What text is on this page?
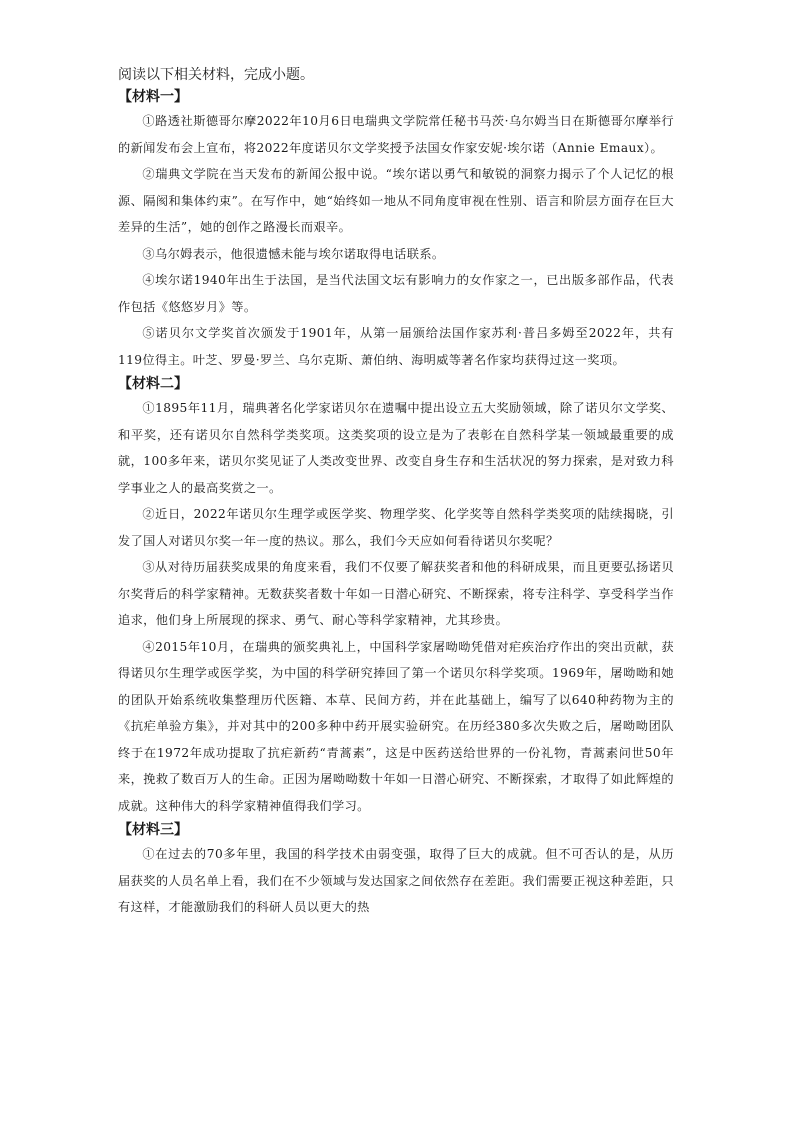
阅读以下相关材料，完成小题。

【材料一】

①路透社斯德哥尔摩2022年10月6日电瑞典文学院常任秘书马茨·乌尔姆当日在斯德哥尔摩举行的新闻发布会上宣布，将2022年度诺贝尔文学奖授予法国女作家安妮·埃尔诺（Annie Emaux）。

②瑞典文学院在当天发布的新闻公报中说。“埃尔诺以勇气和敏锐的洞察力揭示了个人记忆的根源、隔阂和集体约束”。在写作中，她“始终如一地从不同角度审视在性别、语言和阶层方面存在巨大差异的生活”，她的创作之路漫长而艰辛。

③乌尔姆表示，他很遗憾未能与埃尔诺取得电话联系。

④埃尔诺1940年出生于法国，是当代法国文坛有影响力的女作家之一，已出版多部作品，代表作包括《悠悠岁月》等。

⑤诺贝尔文学奖首次颁发于1901年，从第一届颁给法国作家苏利·普吕多姆至2022年，共有119位得主。叶芝、罗曼·罗兰、乌尔克斯、萧伯纳、海明威等著名作家均获得过这一奖项。

【材料二】

①1895年11月，瑞典著名化学家诺贝尔在遗嘱中提出设立五大奖励领域，除了诺贝尔文学奖、和平奖，还有诺贝尔自然科学类奖项。这类奖项的设立是为了表彰在自然科学某一领域最重要的成就，100多年来，诺贝尔奖见证了人类改变世界、改变自身生存和生活状况的努力探索，是对致力科学事业之人的最高奖赏之一。

②近日，2022年诺贝尔生理学或医学奖、物理学奖、化学奖等自然科学类奖项的陆续揭晓，引发了国人对诺贝尔奖一年一度的热议。那么，我们今天应如何看待诺贝尔奖呢？

③从对待历届获奖成果的角度来看，我们不仅要了解获奖者和他的科研成果，而且更要弘扬诺贝尔奖背后的科学家精神。无数获奖者数十年如一日潜心研究、不断探索，将专注科学、享受科学当作追求，他们身上所展现的探求、勇气、耐心等科学家精神，尤其珍贵。

④2015年10月，在瑞典的颁奖典礼上，中国科学家屠呦呦凭借对疟疾治疗作出的突出贡献，获得诺贝尔生理学或医学奖，为中国的科学研究捧回了第一个诺贝尔科学奖项。1969年，屠呦呦和她的团队开始系统收集整理历代医籍、本草、民间方药，并在此基础上，编写了以640种药物为主的《抗疟单验方集》，并对其中的200多种中药开展实验研究。在历经380多次失败之后，屠呦呦团队终于在1972年成功提取了抗疟新药“青蒿素”，这是中医药送给世界的一份礼物，青蒿素问世50年来，挽救了数百万人的生命。正因为屠呦呦数十年如一日潜心研究、不断探索，才取得了如此辉煌的成就。这种伟大的科学家精神值得我们学习。

【材料三】

①在过去的70多年里，我国的科学技术由弱变强，取得了巨大的成就。但不可否认的是，从历届获奖的人员名单上看，我们在不少领域与发达国家之间依然存在差距。我们需要正视这种差距，只有这样，才能激励我们的科研人员以更大的热
